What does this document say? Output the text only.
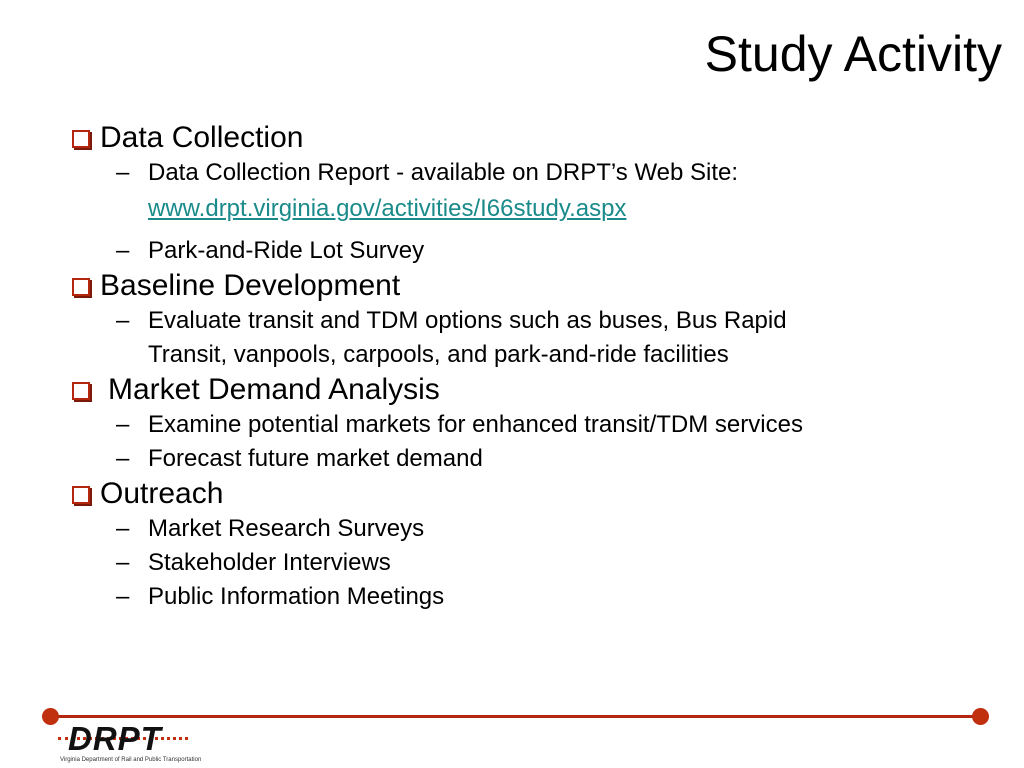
Study Activity
Data Collection
– Data Collection Report - available on DRPT’s Web Site:
www.drpt.virginia.gov/activities/I66study.aspx
– Park-and-Ride Lot Survey
Baseline Development
– Evaluate transit and TDM options such as buses, Bus Rapid
Transit, vanpools, carpools, and park-and-ride facilities
Market Demand Analysis
– Examine potential markets for enhanced transit/TDM services
– Forecast future market demand
Outreach
– Market Research Surveys
– Stakeholder Interviews
– Public Information Meetings
DRPT
Virginia Department of Rail and Public Transportation
